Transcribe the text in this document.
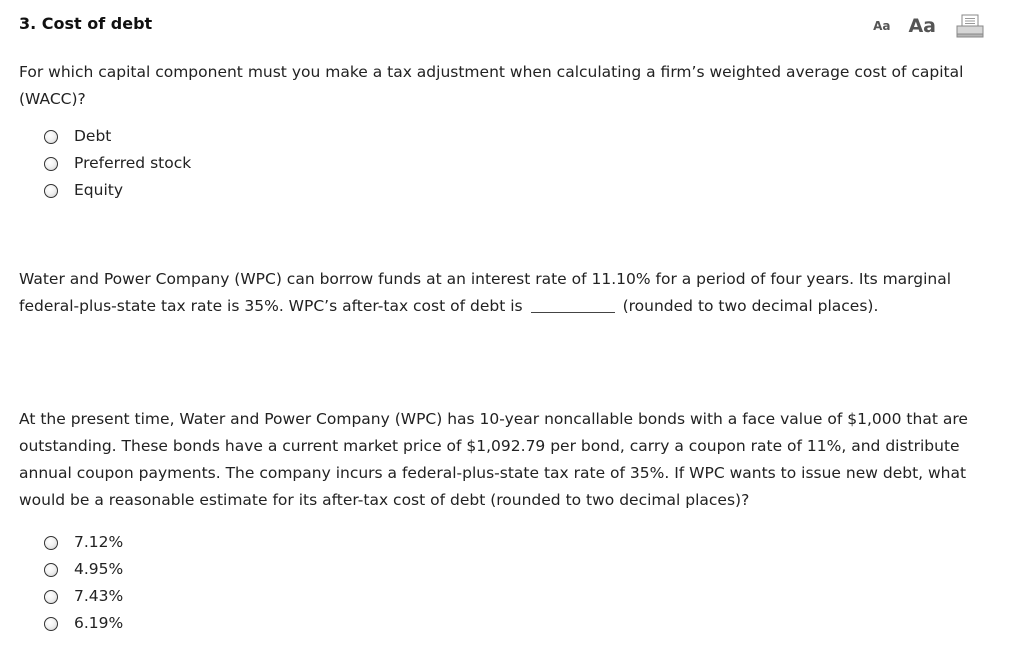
3. Cost of debt	Aa Aa
For which capital component must you make a tax adjustment when calculating a firm’s weighted average cost of capital (WACC)?
Debt
Preferred stock
Equity
Water and Power Company (WPC) can borrow funds at an interest rate of 11.10% for a period of four years. Its marginal federal-plus-state tax rate is 35%. WPC’s after-tax cost of debt is	(rounded to two decimal places).
At the present time, Water and Power Company (WPC) has 10-year noncallable bonds with a face value of $1,000 that are outstanding. These bonds have a current market price of $1,092.79 per bond, carry a coupon rate of 11%, and distribute annual coupon payments. The company incurs a federal-plus-state tax rate of 35%. If WPC wants to issue new debt, what would be a reasonable estimate for its after-tax cost of debt (rounded to two decimal places)?
7.12%
4.95%
7.43%
6.19%
